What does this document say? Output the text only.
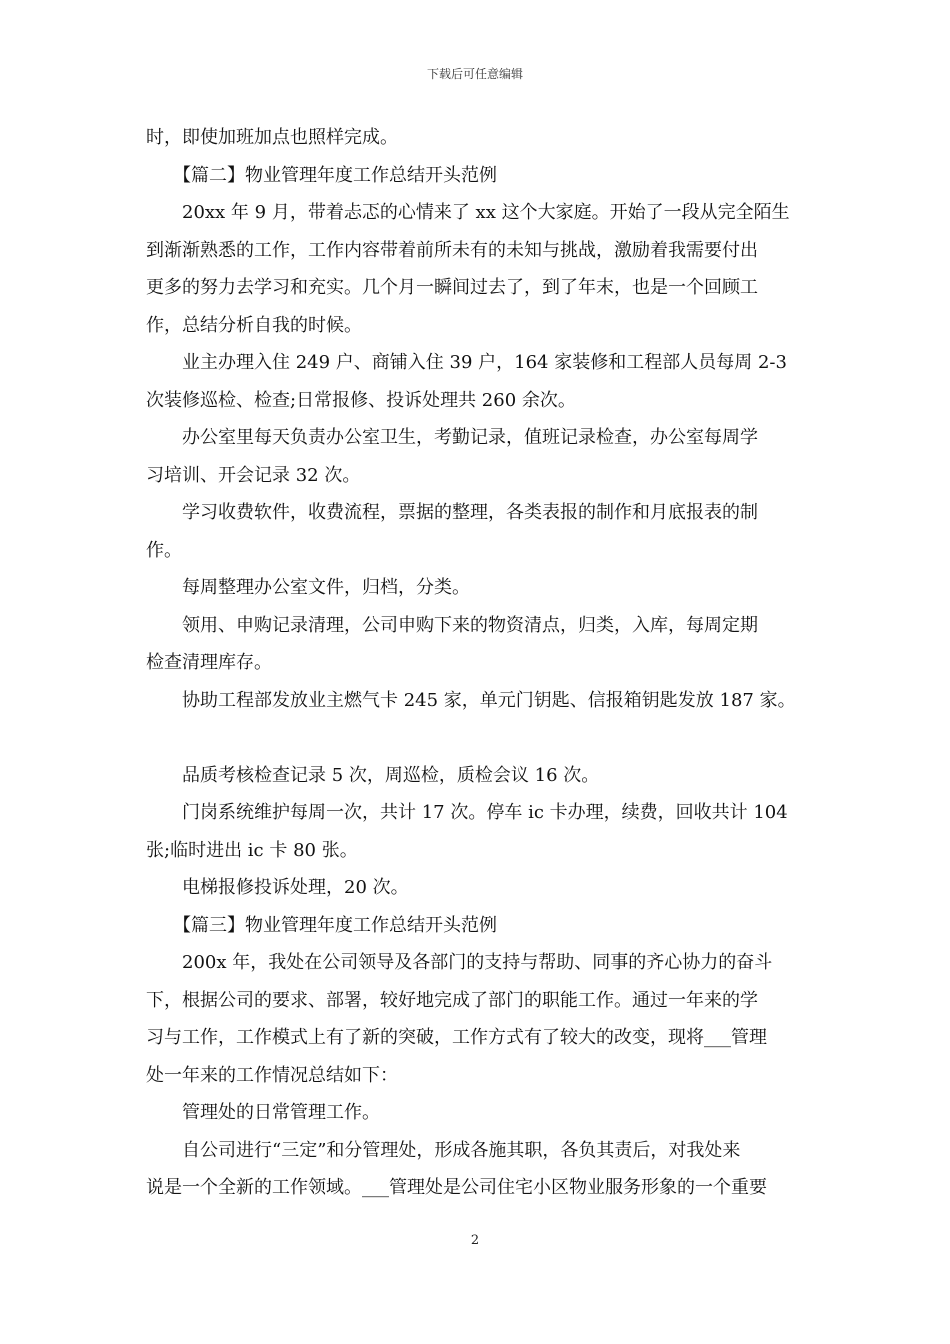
下载后可任意编辑
时，即使加班加点也照样完成。
【篇二】物业管理年度工作总结开头范例
20xx 年 9 月，带着忐忑的心情来了 xx 这个大家庭。开始了一段从完全陌生
到渐渐熟悉的工作，工作内容带着前所未有的未知与挑战，激励着我需要付出
更多的努力去学习和充实。几个月一瞬间过去了，到了年末，也是一个回顾工
作，总结分析自我的时候。
业主办理入住 249 户、商铺入住 39 户，164 家装修和工程部人员每周 2-3
次装修巡检、检查;日常报修、投诉处理共 260 余次。
办公室里每天负责办公室卫生，考勤记录，值班记录检查，办公室每周学
习培训、开会记录 32 次。
学习收费软件，收费流程，票据的整理，各类表报的制作和月底报表的制
作。
每周整理办公室文件，归档，分类。
领用、申购记录清理，公司申购下来的物资清点，归类，入库，每周定期
检查清理库存。
协助工程部发放业主燃气卡 245 家，单元门钥匙、信报箱钥匙发放 187 家。
品质考核检查记录 5 次，周巡检，质检会议 16 次。
门岗系统维护每周一次，共计 17 次。停车 ic 卡办理，续费，回收共计 104
张;临时进出 ic 卡 80 张。
电梯报修投诉处理，20 次。
【篇三】物业管理年度工作总结开头范例
200x 年，我处在公司领导及各部门的支持与帮助、同事的齐心协力的奋斗
下，根据公司的要求、部署，较好地完成了部门的职能工作。通过一年来的学
习与工作，工作模式上有了新的突破，工作方式有了较大的改变，现将___管理
处一年来的工作情况总结如下：
管理处的日常管理工作。
自公司进行“三定”和分管理处，形成各施其职，各负其责后，对我处来
说是一个全新的工作领域。___管理处是公司住宅小区物业服务形象的一个重要
2
